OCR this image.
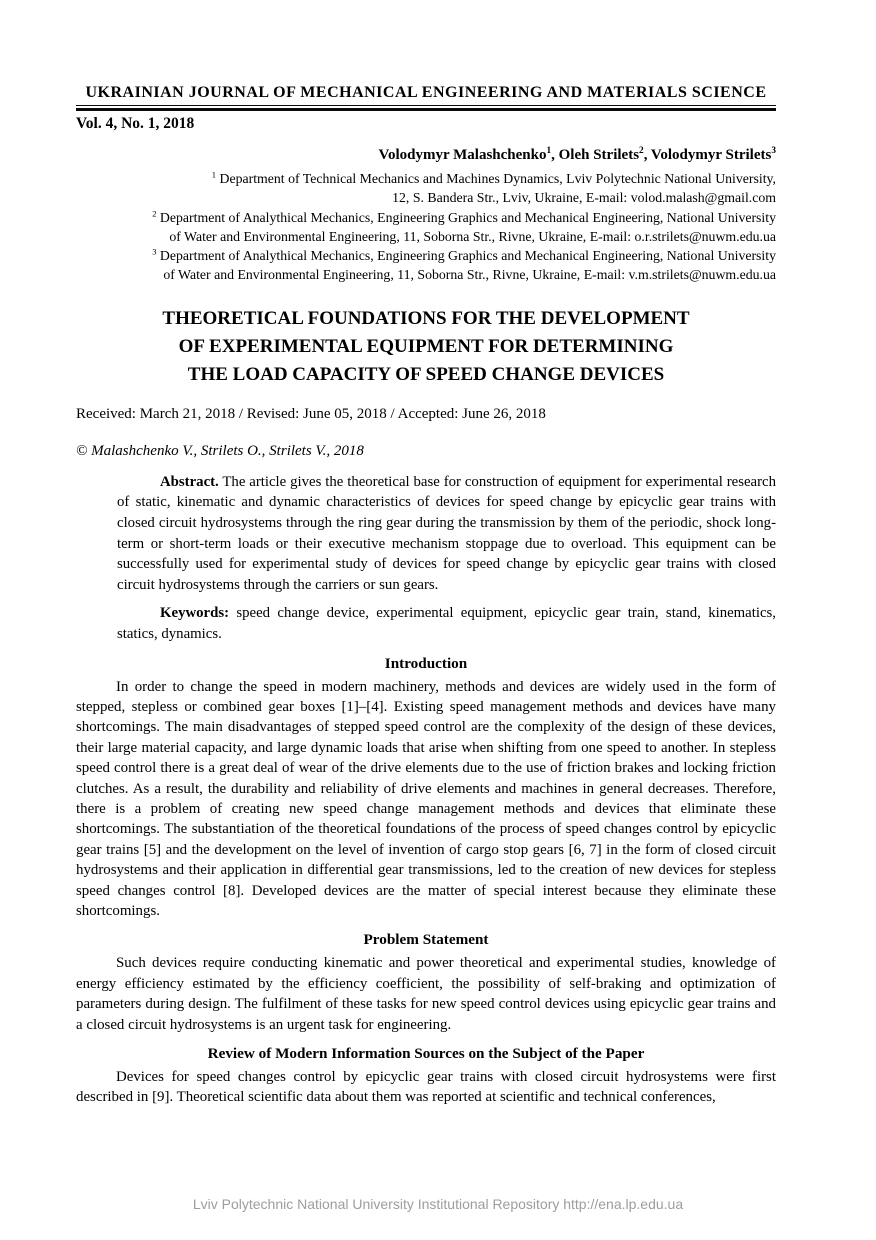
UKRAINIAN JOURNAL OF MECHANICAL ENGINEERING AND MATERIALS SCIENCE
Vol. 4, No. 1, 2018
Volodymyr Malashchenko$^1$, Oleh Strilets$^2$, Volodymyr Strilets$^3$
$^1$ Department of Technical Mechanics and Machines Dynamics, Lviv Polytechnic National University,
12, S. Bandera Str., Lviv, Ukraine, E-mail: volod.malash@gmail.com
$^2$ Department of Analythical Mechanics, Engineering Graphics and Mechanical Engineering, National University
of Water and Environmental Engineering, 11, Soborna Str., Rivne, Ukraine, E-mail: o.r.strilets@nuwm.edu.ua
$^3$ Department of Analythical Mechanics, Engineering Graphics and Mechanical Engineering, National University
of Water and Environmental Engineering, 11, Soborna Str., Rivne, Ukraine, E-mail: v.m.strilets@nuwm.edu.ua
THEORETICAL FOUNDATIONS FOR THE DEVELOPMENT
OF EXPERIMENTAL EQUIPMENT FOR DETERMINING
THE LOAD CAPACITY OF SPEED CHANGE DEVICES
Received: March 21, 2018 / Revised: June 05, 2018 / Accepted: June 26, 2018
© Malashchenko V., Strilets O., Strilets V., 2018

Abstract. The article gives the theoretical base for construction of equipment for experimental research of static, kinematic and dynamic characteristics of devices for speed change by epicyclic gear trains with closed circuit hydrosystems through the ring gear during the transmission by them of the periodic, shock long-term or short-term loads or their executive mechanism stoppage due to overload. This equipment can be successfully used for experimental study of devices for speed change by epicyclic gear trains with closed circuit hydrosystems through the carriers or sun gears.

Keywords: speed change device, experimental equipment, epicyclic gear train, stand, kinematics, statics, dynamics.

Introduction

In order to change the speed in modern machinery, methods and devices are widely used in the form of stepped, stepless or combined gear boxes [1]–[4]. Existing speed management methods and devices have many shortcomings. The main disadvantages of stepped speed control are the complexity of the design of these devices, their large material capacity, and large dynamic loads that arise when shifting from one speed to another. In stepless speed control there is a great deal of wear of the drive elements due to the use of friction brakes and locking friction clutches. As a result, the durability and reliability of drive elements and machines in general decreases. Therefore, there is a problem of creating new speed change management methods and devices that eliminate these shortcomings. The substantiation of the theoretical foundations of the process of speed changes control by epicyclic gear trains [5] and the development on the level of invention of cargo stop gears [6, 7] in the form of closed circuit hydrosystems and their application in differential gear transmissions, led to the creation of new devices for stepless speed changes control [8]. Developed devices are the matter of special interest because they eliminate these shortcomings.

Problem Statement

Such devices require conducting kinematic and power theoretical and experimental studies, knowledge of energy efficiency estimated by the efficiency coefficient, the possibility of self-braking and optimization of parameters during design. The fulfilment of these tasks for new speed control devices using epicyclic gear trains and a closed circuit hydrosystems is an urgent task for engineering.

Review of Modern Information Sources on the Subject of the Paper

Devices for speed changes control by epicyclic gear trains with closed circuit hydrosystems were first described in [9]. Theoretical scientific data about them was reported at scientific and technical conferences,

Lviv Polytechnic National University Institutional Repository http://ena.lp.edu.ua
